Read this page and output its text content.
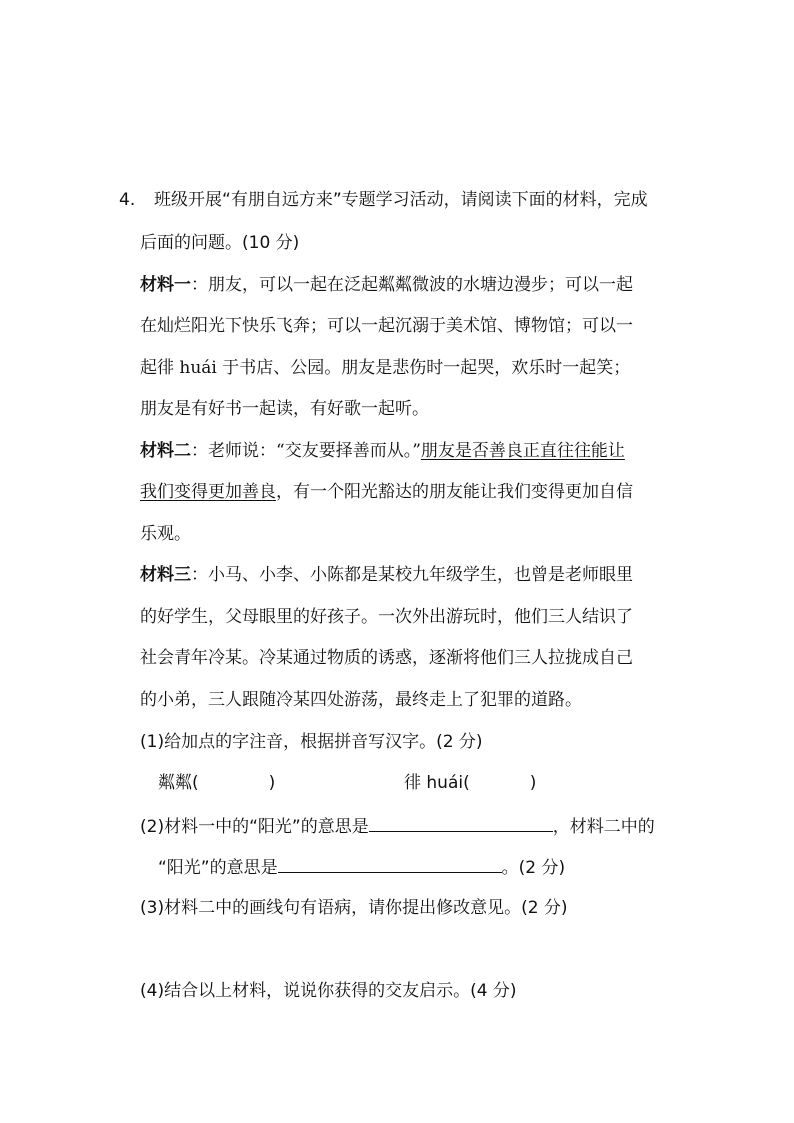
4. 班级开展“有朋自远方来”专题学习活动，请阅读下面的材料，完成
后面的问题。(10 分)
材料一：朋友，可以一起在泛起粼粼微波的水塘边漫步；可以一起
在灿烂阳光下快乐飞奔；可以一起沉溺于美术馆、博物馆；可以一
起徘 huái 于书店、公园。朋友是悲伤时一起哭，欢乐时一起笑；
朋友是有好书一起读，有好歌一起听。
材料二：老师说：“交友要择善而从。”朋友是否善良正直往往能让
我们变得更加善良，有一个阳光豁达的朋友能让我们变得更加自信
乐观。
材料三：小马、小李、小陈都是某校九年级学生，也曾是老师眼里
的好学生，父母眼里的好孩子。一次外出游玩时，他们三人结识了
社会青年冷某。冷某通过物质的诱惑，逐渐将他们三人拉拢成自己
的小弟，三人跟随冷某四处游荡，最终走上了犯罪的道路。
(1)给加点的字注音，根据拼音写汉字。(2 分)
粼粼(	)	徘 huái(	)
(2)材料一中的“阳光”的意思是	，材料二中的
“阳光”的意思是	。(2 分)
(3)材料二中的画线句有语病，请你提出修改意见。(2 分)
(4)结合以上材料，说说你获得的交友启示。(4 分)
